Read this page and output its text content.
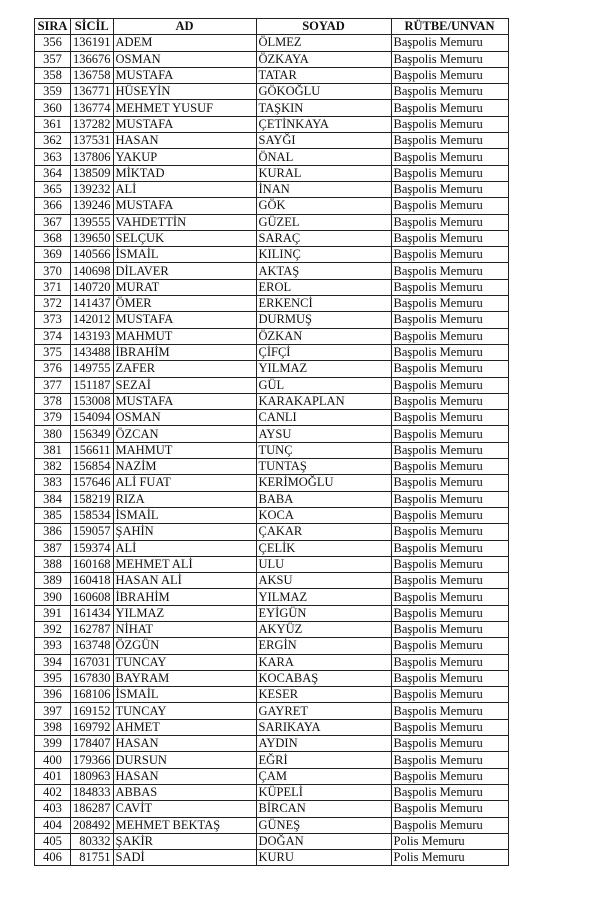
SIRA	SİCİL	AD	SOYAD	RÜTBE/UNVAN
356	136191	ADEM	ÖLMEZ	Başpolis Memuru
357	136676	OSMAN	ÖZKAYA	Başpolis Memuru
358	136758	MUSTAFA	TATAR	Başpolis Memuru
359	136771	HÜSEYİN	GÖKOĞLU	Başpolis Memuru
360	136774	MEHMET YUSUF	TAŞKIN	Başpolis Memuru
361	137282	MUSTAFA	ÇETİNKAYA	Başpolis Memuru
362	137531	HASAN	SAYĞI	Başpolis Memuru
363	137806	YAKUP	ÖNAL	Başpolis Memuru
364	138509	MİKTAD	KURAL	Başpolis Memuru
365	139232	ALİ	İNAN	Başpolis Memuru
366	139246	MUSTAFA	GÖK	Başpolis Memuru
367	139555	VAHDETTİN	GÜZEL	Başpolis Memuru
368	139650	SELÇUK	SARAÇ	Başpolis Memuru
369	140566	İSMAİL	KILINÇ	Başpolis Memuru
370	140698	DİLAVER	AKTAŞ	Başpolis Memuru
371	140720	MURAT	EROL	Başpolis Memuru
372	141437	ÖMER	ERKENCİ	Başpolis Memuru
373	142012	MUSTAFA	DURMUŞ	Başpolis Memuru
374	143193	MAHMUT	ÖZKAN	Başpolis Memuru
375	143488	İBRAHİM	ÇİFÇİ	Başpolis Memuru
376	149755	ZAFER	YILMAZ	Başpolis Memuru
377	151187	SEZAİ	GÜL	Başpolis Memuru
378	153008	MUSTAFA	KARAKAPLAN	Başpolis Memuru
379	154094	OSMAN	CANLI	Başpolis Memuru
380	156349	ÖZCAN	AYSU	Başpolis Memuru
381	156611	MAHMUT	TUNÇ	Başpolis Memuru
382	156854	NAZİM	TUNTAŞ	Başpolis Memuru
383	157646	ALİ FUAT	KERİMOĞLU	Başpolis Memuru
384	158219	RIZA	BABA	Başpolis Memuru
385	158534	İSMAİL	KOCA	Başpolis Memuru
386	159057	ŞAHİN	ÇAKAR	Başpolis Memuru
387	159374	ALİ	ÇELİK	Başpolis Memuru
388	160168	MEHMET ALİ	ULU	Başpolis Memuru
389	160418	HASAN ALİ	AKSU	Başpolis Memuru
390	160608	İBRAHİM	YILMAZ	Başpolis Memuru
391	161434	YILMAZ	EYİGÜN	Başpolis Memuru
392	162787	NİHAT	AKYÜZ	Başpolis Memuru
393	163748	ÖZGÜN	ERGİN	Başpolis Memuru
394	167031	TUNCAY	KARA	Başpolis Memuru
395	167830	BAYRAM	KOCABAŞ	Başpolis Memuru
396	168106	İSMAİL	KESER	Başpolis Memuru
397	169152	TUNCAY	GAYRET	Başpolis Memuru
398	169792	AHMET	SARIKAYA	Başpolis Memuru
399	178407	HASAN	AYDIN	Başpolis Memuru
400	179366	DURSUN	EĞRİ	Başpolis Memuru
401	180963	HASAN	ÇAM	Başpolis Memuru
402	184833	ABBAS	KÜPELİ	Başpolis Memuru
403	186287	CAVİT	BİRCAN	Başpolis Memuru
404	208492	MEHMET BEKTAŞ	GÜNEŞ	Başpolis Memuru
405	80332	ŞAKİR	DOĞAN	Polis Memuru
406	81751	SADİ	KURU	Polis Memuru
